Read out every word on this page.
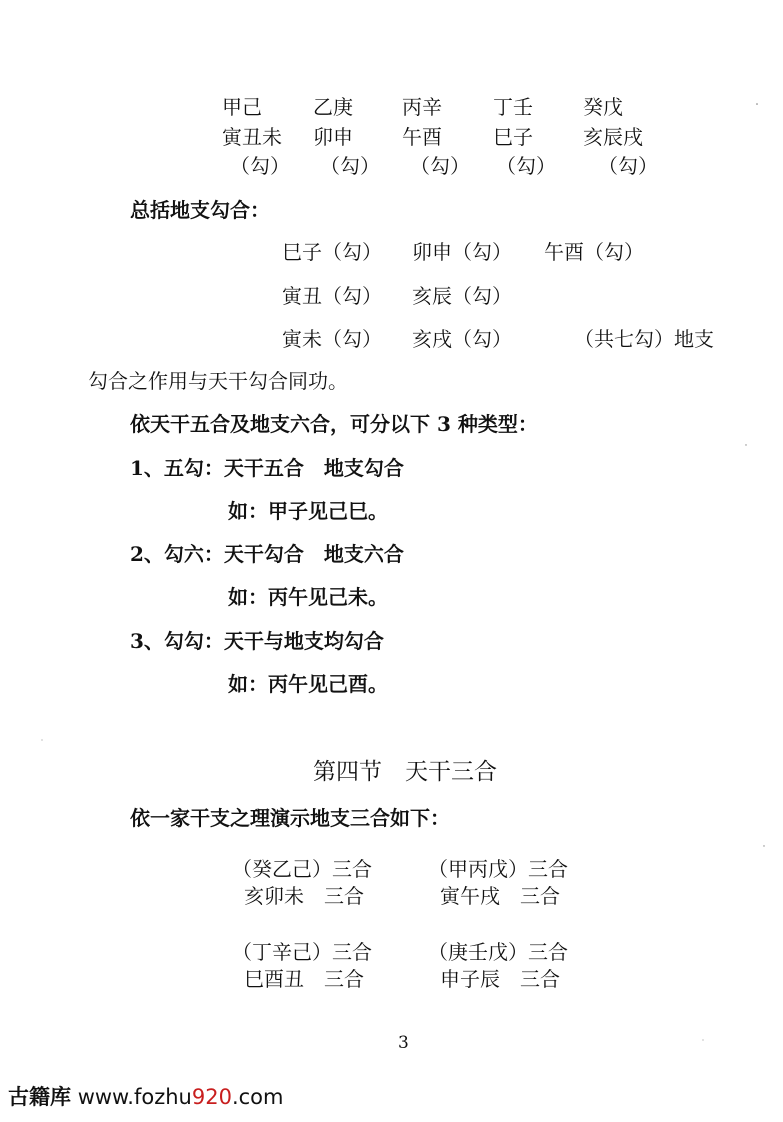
甲己	乙庚 丙辛	丁壬	癸戊
寅丑未 卯申 午酉	巳子	亥辰戌
（勾） （勾） （勾） （勾） （勾）
总括地支勾合：
巳子（勾） 卯申（勾） 午酉（勾）
寅丑（勾） 亥辰（勾）
寅未（勾） 亥戌（勾）	（共七勾）地支
勾合之作用与天干勾合同功。
依天干五合及地支六合，可分以下 3 种类型：
1、五勾：天干五合　地支勾合
如：甲子见己巳。
2、勾六：天干勾合　地支六合
如：丙午见己未。
3、勾勾：天干与地支均勾合
如：丙午见己酉。
第四节　天干三合
依一家干支之理演示地支三合如下：
（癸乙己）三合	（甲丙戊）三合
亥卯未　三合	寅午戌　三合
（丁辛己）三合	（庚壬戊）三合
巳酉丑　三合	申子辰　三合
3
古籍库 www.fozhu920.com
